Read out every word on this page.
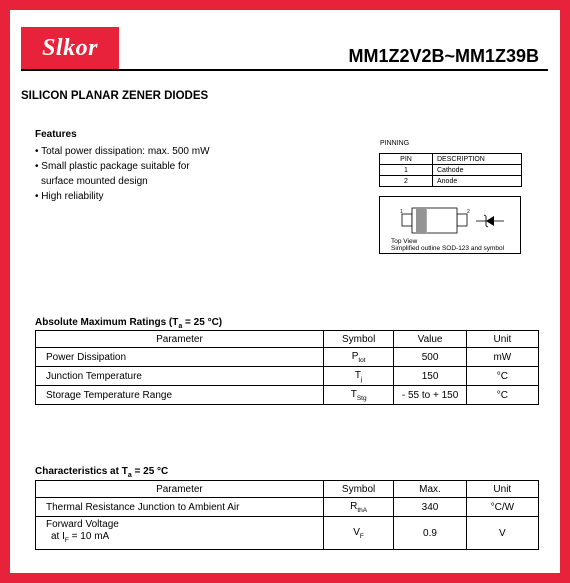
Slkor	MM1Z2V2B~MM1Z39B
SILICON PLANAR ZENER DIODES
Features
• Total power dissipation: max. 500 mW
• Small plastic package suitable for
surface mounted design
• High reliability
PINNING
PIN	DESCRIPTION
1	Cathode
2	Anode
1	2
Top View
Simplified outline SOD-123 and symbol
Absolute Maximum Ratings ($T_a = 25$ °C)
Parameter	Symbol	Value	Unit
Power Dissipation	$P_{tot}$	500	mW
Junction Temperature	$T_j$	150	°C
Storage Temperature Range	$T_{Stg}$	- 55 to + 150	°C
Characteristics at $T_a = 25$ °C
Parameter	Symbol	Max.	Unit
Thermal Resistance Junction to Ambient Air	$R_{thA}$	340	°C/W

Forward Voltage
at $I_F = 10$ mA	$V_F$	0.9	V
